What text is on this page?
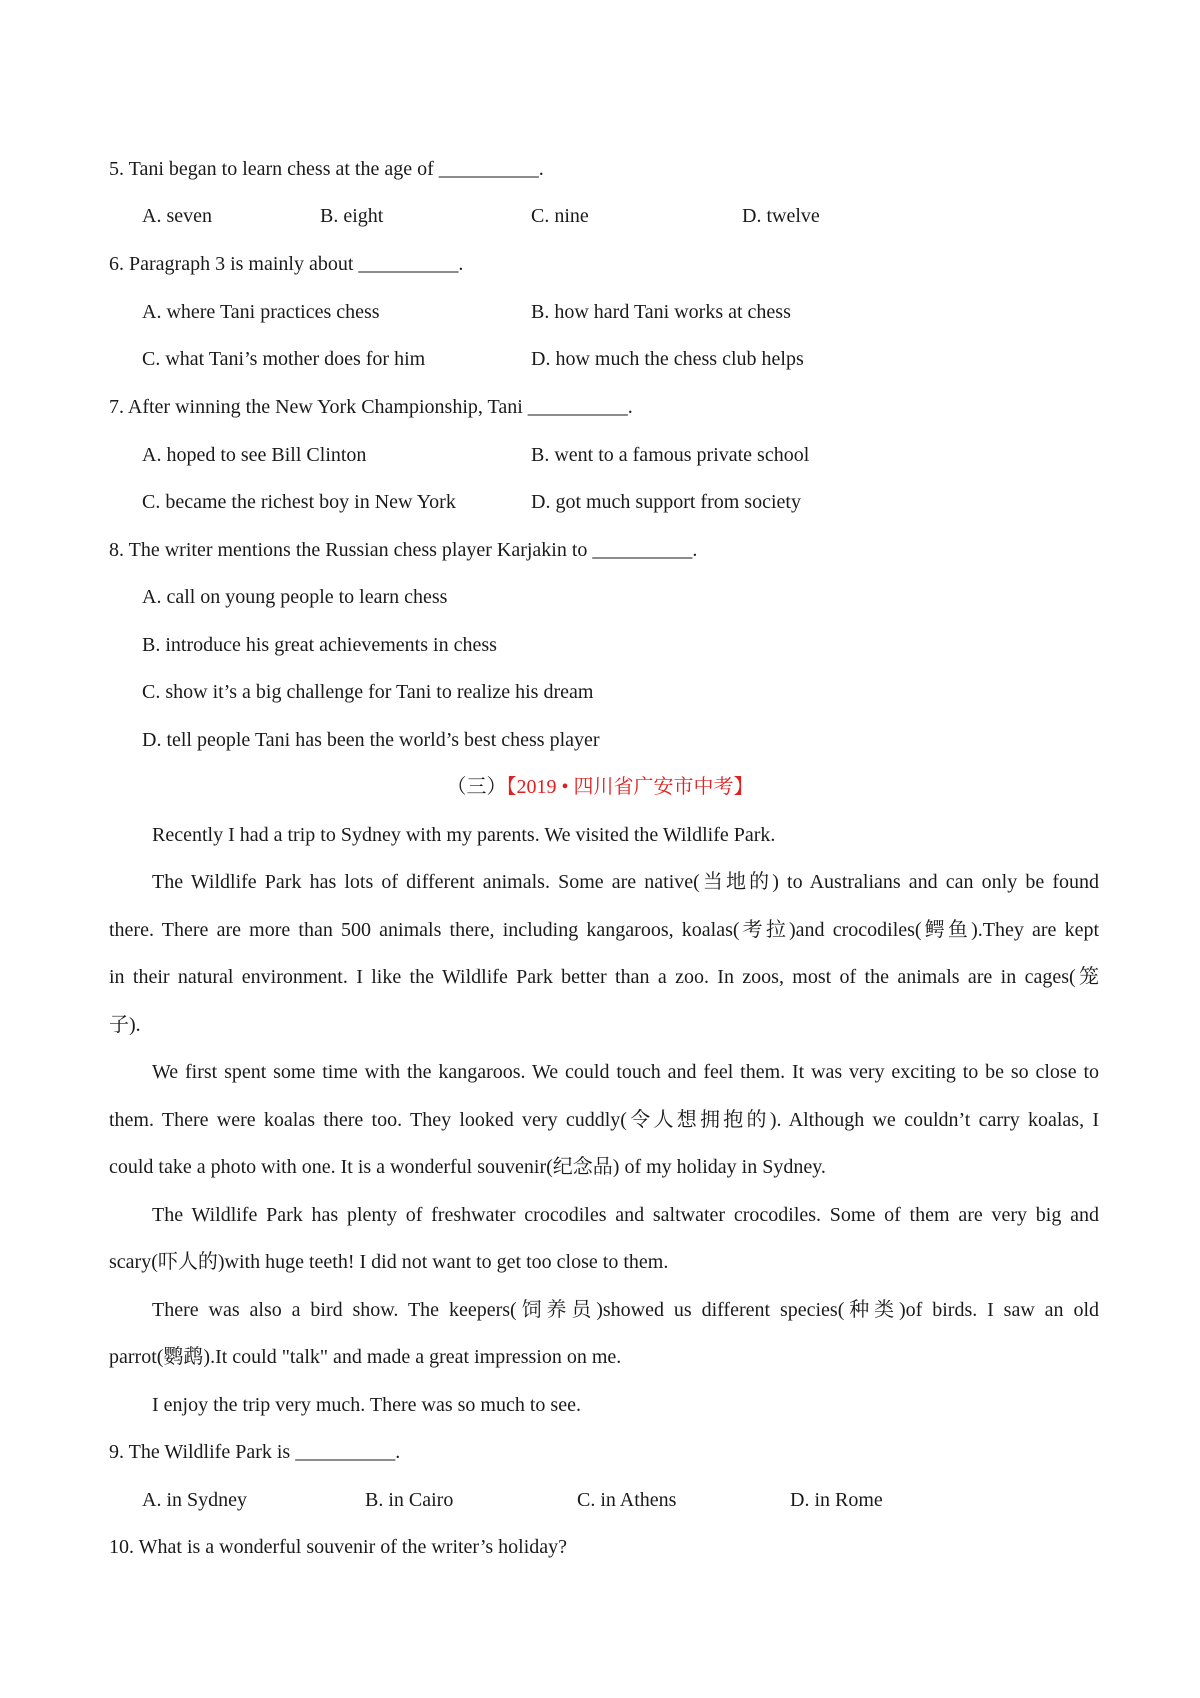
5. Tani began to learn chess at the age of __________.
A. seven	B. eight	C. nine	D. twelve
6. Paragraph 3 is mainly about __________.
A. where Tani practices chess	B. how hard Tani works at chess
C. what Tani’s mother does for him	D. how much the chess club helps
7. After winning the New York Championship, Tani __________.
A. hoped to see Bill Clinton	B. went to a famous private school
C. became the richest boy in New York	D. got much support from society
8. The writer mentions the Russian chess player Karjakin to __________.
A. call on young people to learn chess
B. introduce his great achievements in chess
C. show it’s a big challenge for Tani to realize his dream
D. tell people Tani has been the world’s best chess player
（三）【2019 • 四川省广安市中考】
Recently I had a trip to Sydney with my parents. We visited the Wildlife Park.
The Wildlife Park has lots of different animals. Some are native(当地的) to Australians and can only be found
there. There are more than 500 animals there, including kangaroos, koalas(考拉)and crocodiles(鳄鱼).They are kept
in their natural environment. I like the Wildlife Park better than a zoo. In zoos, most of the animals are in cages(笼
子).
We first spent some time with the kangaroos. We could touch and feel them. It was very exciting to be so close to
them. There were koalas there too. They looked very cuddly(令人想拥抱的). Although we couldn’t carry koalas, I
could take a photo with one. It is a wonderful souvenir(纪念品) of my holiday in Sydney.
The Wildlife Park has plenty of freshwater crocodiles and saltwater crocodiles. Some of them are very big and
scary(吓人的)with huge teeth! I did not want to get too close to them.
There was also a bird show. The keepers(饲养员)showed us different species(种类)of birds. I saw an old
parrot(鹦鹉).It could "talk" and made a great impression on me.
I enjoy the trip very much. There was so much to see.
9. The Wildlife Park is __________.
A. in Sydney	B. in Cairo	C. in Athens	D. in Rome
10. What is a wonderful souvenir of the writer’s holiday?
